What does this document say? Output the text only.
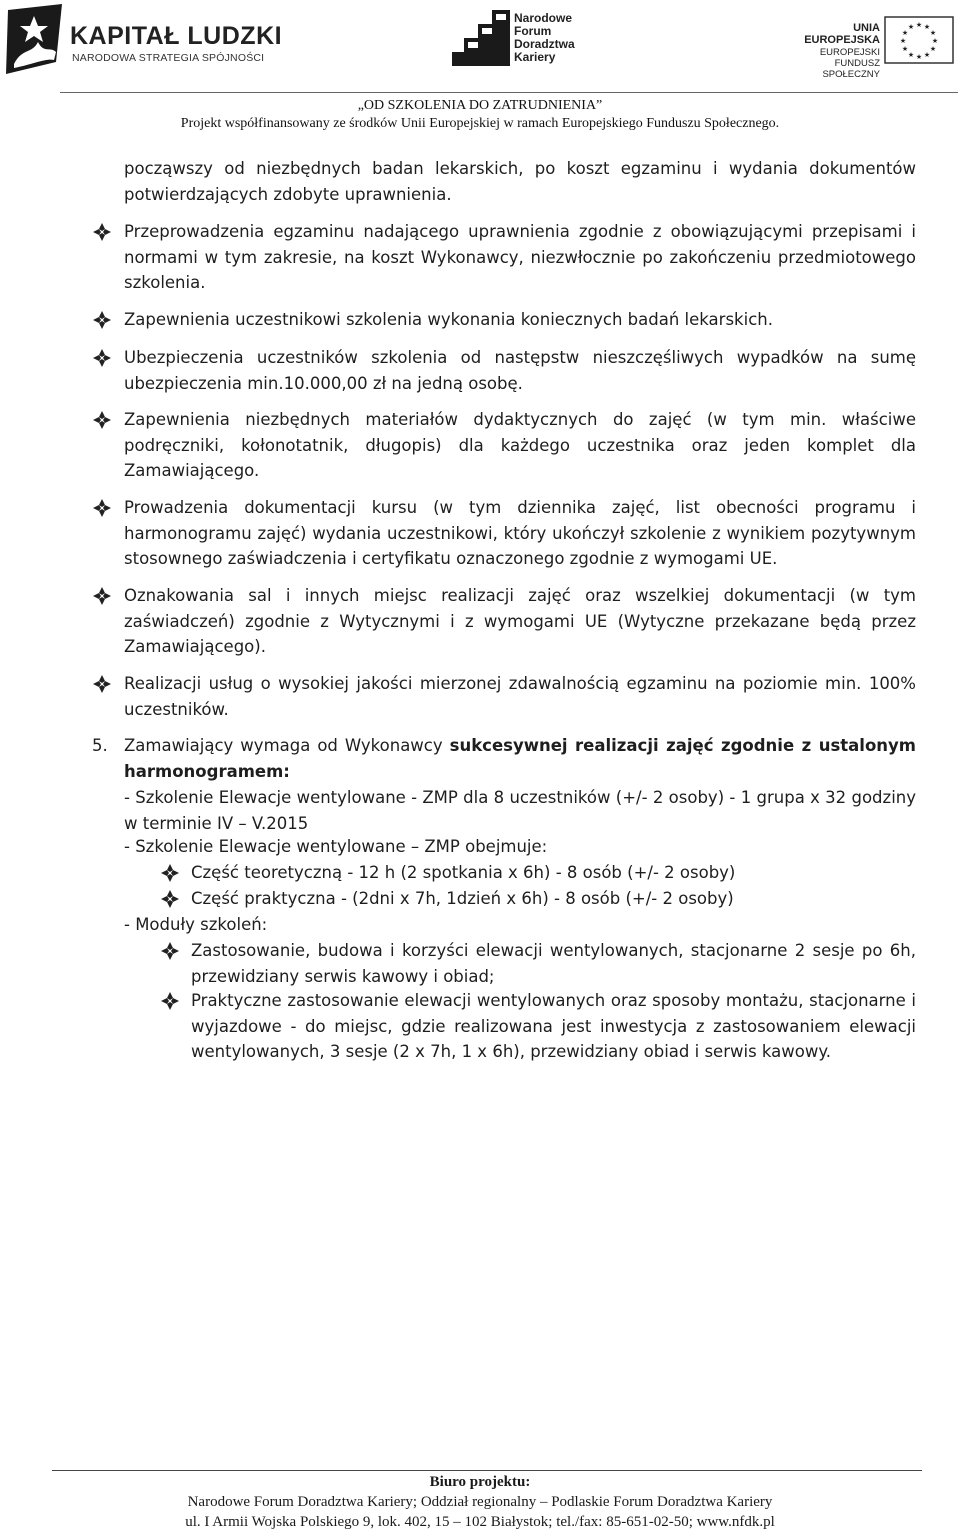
KAPITAŁ LUDZKI
NARODOWA STRATEGIA SPÓJNOŚCI
Narodowe
Forum
Doradztwa
Kariery
UNIA EUROPEJSKA
EUROPEJSKI
FUNDUSZ SPOŁECZNY
★ ★
★
★
★
★
★
★
★
★
★
★
„OD SZKOLENIA DO ZATRUDNIENIA”
Projekt współfinansowany ze środków Unii Europejskiej w ramach Europejskiego Funduszu Społecznego.
począwszy od niezbędnych badan lekarskich, po koszt egzaminu i wydania dokumentów potwierdzających zdobyte uprawnienia.
Przeprowadzenia egzaminu nadającego uprawnienia zgodnie z obowiązującymi przepisami i normami w tym zakresie, na koszt Wykonawcy, niezwłocznie po zakończeniu przedmiotowego szkolenia.
Zapewnienia uczestnikowi szkolenia wykonania koniecznych badań lekarskich.
Ubezpieczenia uczestników szkolenia od następstw nieszczęśliwych wypadków na sumę ubezpieczenia min.10.000,00 zł na jedną osobę.
Zapewnienia niezbędnych materiałów dydaktycznych do zajęć (w tym min. właściwe podręczniki, kołonotatnik, długopis) dla każdego uczestnika oraz jeden komplet dla Zamawiającego.
Prowadzenia dokumentacji kursu (w tym dziennika zajęć, list obecności programu i harmonogramu zajęć) wydania uczestnikowi, który ukończył szkolenie z wynikiem pozytywnym stosownego zaświadczenia i certyfikatu oznaczonego zgodnie z wymogami UE.
Oznakowania sal i innych miejsc realizacji zajęć oraz wszelkiej dokumentacji (w tym zaświadczeń) zgodnie z Wytycznymi i z wymogami UE (Wytyczne przekazane będą przez Zamawiającego).
Realizacji usług o wysokiej jakości mierzonej zdawalnością egzaminu na poziomie min. 100% uczestników.
5. Zamawiający wymaga od Wykonawcy sukcesywnej realizacji zajęć zgodnie z ustalonym harmonogramem:
- Szkolenie Elewacje wentylowane - ZMP dla 8 uczestników (+/- 2 osoby) - 1 grupa x 32 godziny w terminie IV – V.2015
- Szkolenie Elewacje wentylowane – ZMP obejmuje:
Część teoretyczną - 12 h (2 spotkania x 6h) - 8 osób (+/- 2 osoby)
Część praktyczna - (2dni x 7h, 1dzień x 6h) - 8 osób (+/- 2 osoby)
- Moduły szkoleń:
Zastosowanie, budowa i korzyści elewacji wentylowanych, stacjonarne 2 sesje po 6h, przewidziany serwis kawowy i obiad;
Praktyczne zastosowanie elewacji wentylowanych oraz sposoby montażu, stacjonarne i wyjazdowe - do miejsc, gdzie realizowana jest inwestycja z zastosowaniem elewacji wentylowanych, 3 sesje (2 x 7h, 1 x 6h), przewidziany obiad i serwis kawowy.
Biuro projektu:
Narodowe Forum Doradztwa Kariery; Oddział regionalny – Podlaskie Forum Doradztwa Kariery
ul. I Armii Wojska Polskiego 9, lok. 402, 15 – 102 Białystok; tel./fax: 85-651-02-50; www.nfdk.pl
